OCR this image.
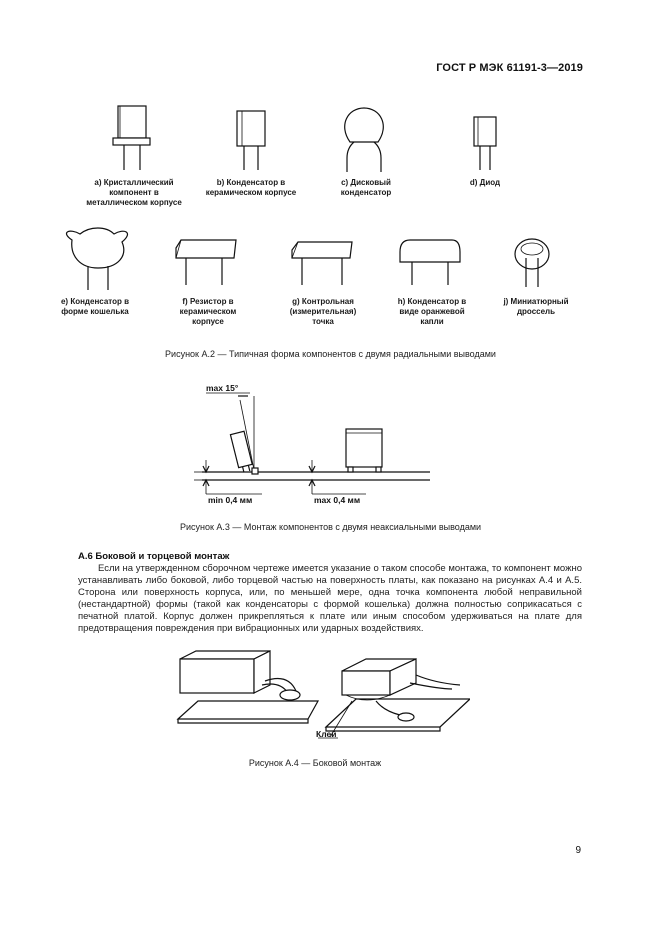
ГОСТ Р МЭК 61191-3—2019
a) Кристаллический компонент в металлическом корпусе
b) Конденсатор в керамическом корпусе
c) Дисковый конденсатор
d) Диод
e) Конденсатор в форме кошелька
f) Резистор в керамическом корпусе
g) Контрольная (измерительная) точка
h) Конденсатор в виде оранжевой капли
j) Миниатюрный дроссель
Рисунок А.2 — Типичная форма компонентов с двумя радиальными выводами
max 15°
min 0,4 мм	max 0,4 мм
Рисунок А.3 — Монтаж компонентов с двумя неаксиальными выводами
А.6 Боковой и торцевой монтаж

Если на утвержденном сборочном чертеже имеется указание о таком способе монтажа, то компонент можно устанавливать либо боковой, либо торцевой частью на поверхность платы, как показано на рисунках А.4 и А.5. Сторона или поверхность корпуса, или, по меньшей мере, одна точка компонента любой неправильной (нестандартной) формы (такой как конденсаторы с формой кошелька) должна полностью соприкасаться с печатной платой. Корпус должен прикрепляться к плате или иным способом удерживаться на плате для предотвращения повреждения при вибрационных или ударных воздействиях.

Клей
Рисунок А.4 — Боковой монтаж
9
